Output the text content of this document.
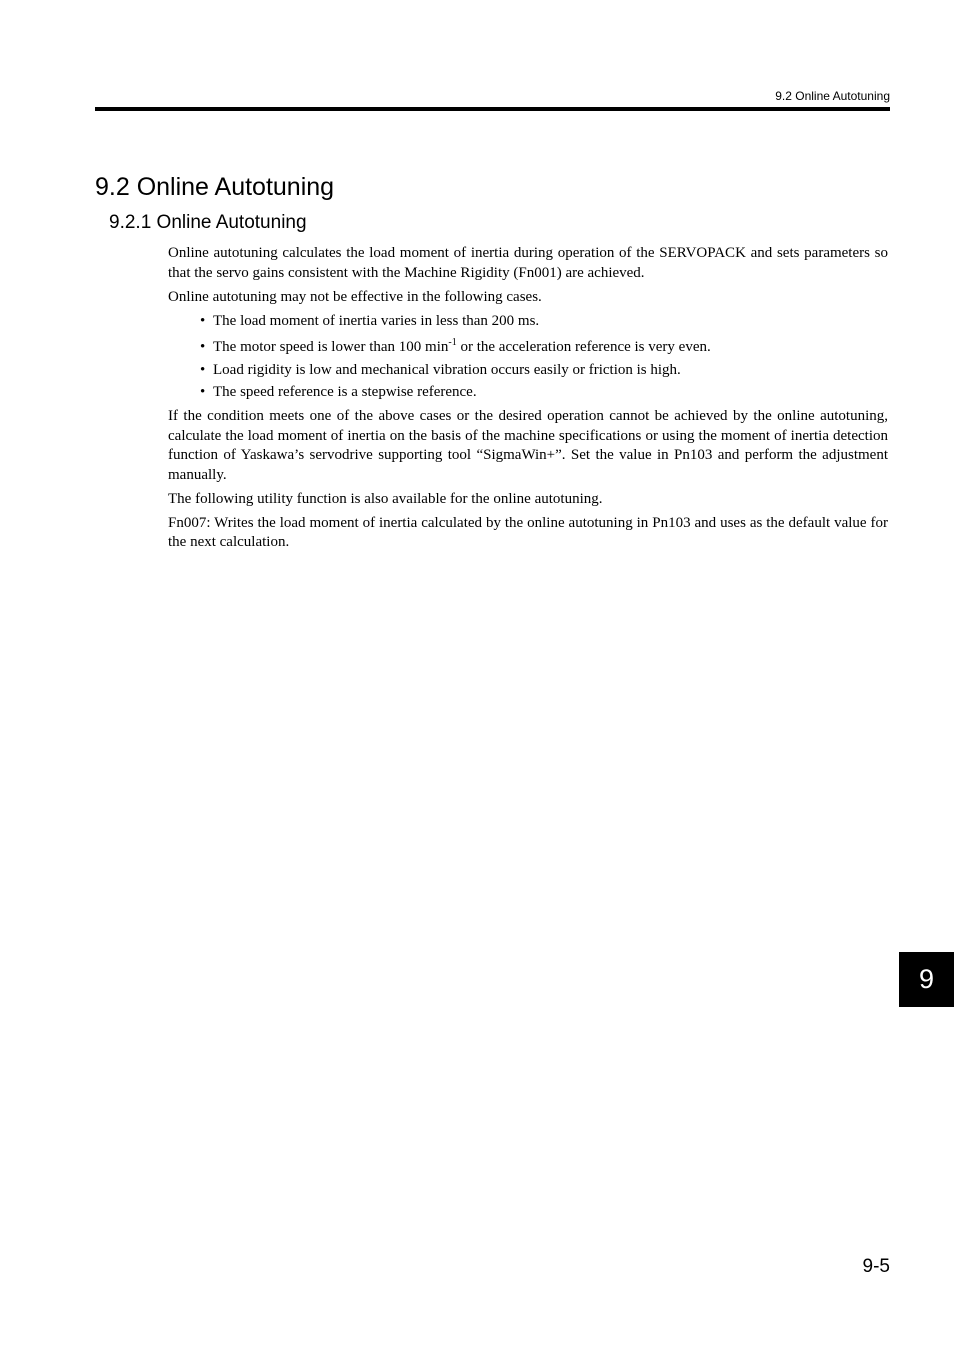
9.2 Online Autotuning
9.2 Online Autotuning
9.2.1 Online Autotuning

Online autotuning calculates the load moment of inertia during operation of the SERVOPACK and sets parameters so that the servo gains consistent with the Machine Rigidity (Fn001) are achieved.

Online autotuning may not be effective in the following cases.

• The load moment of inertia varies in less than 200 ms.
• The motor speed is lower than 100 $\min^{-1}$ or the acceleration reference is very even.
• Load rigidity is low and mechanical vibration occurs easily or friction is high.
• The speed reference is a stepwise reference.

If the condition meets one of the above cases or the desired operation cannot be achieved by the online autotuning, calculate the load moment of inertia on the basis of the machine specifications or using the moment of inertia detection function of Yaskawa’s servodrive supporting tool “SigmaWin+”. Set the value in Pn103 and perform the adjustment manually.

The following utility function is also available for the online autotuning.

Fn007: Writes the load moment of inertia calculated by the online autotuning in Pn103 and uses as the default value for the next calculation.

9
9-5
